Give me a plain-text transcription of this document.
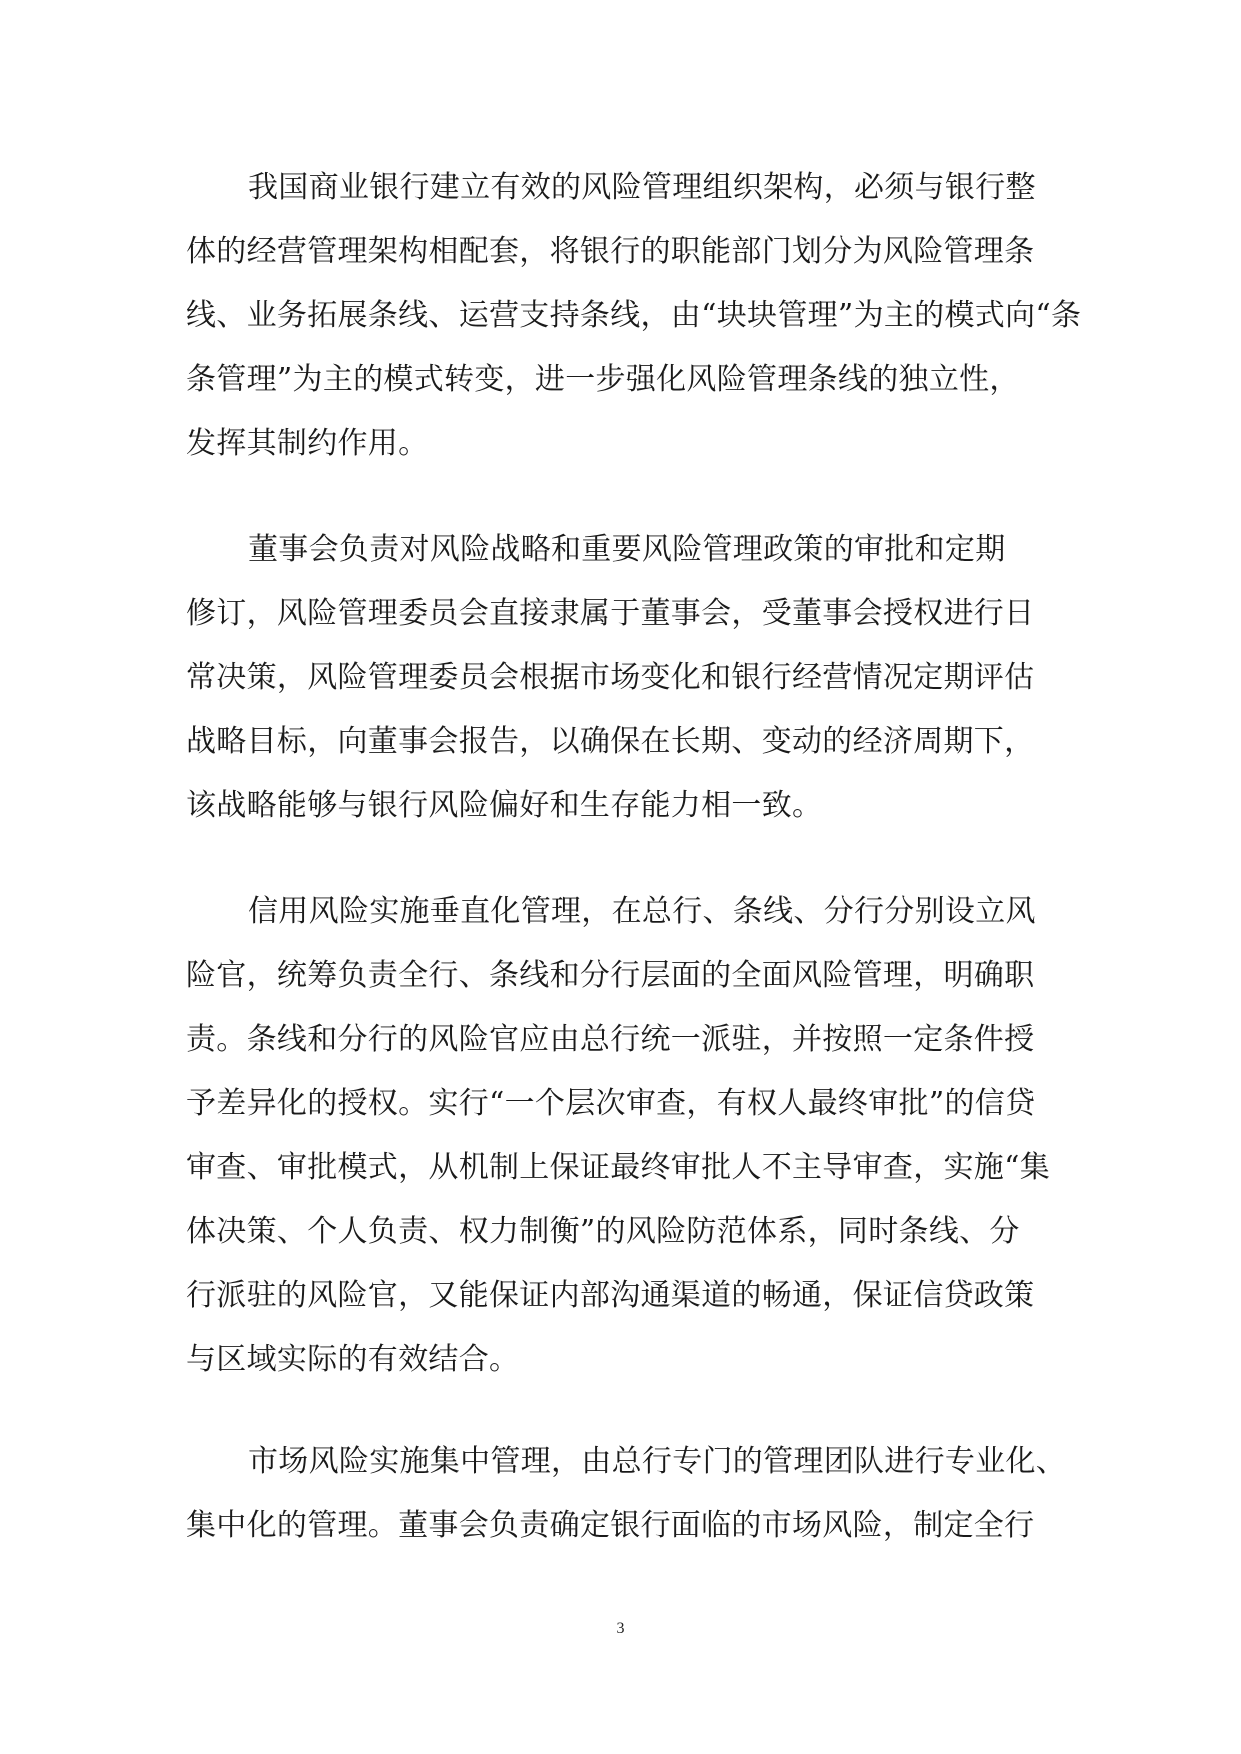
我国商业银行建立有效的风险管理组织架构，必须与银行整
体的经营管理架构相配套，将银行的职能部门划分为风险管理条
线、业务拓展条线、运营支持条线，由“块块管理”为主的模式向“条
条管理”为主的模式转变，进一步强化风险管理条线的独立性，
发挥其制约作用。
董事会负责对风险战略和重要风险管理政策的审批和定期
修订，风险管理委员会直接隶属于董事会，受董事会授权进行日
常决策，风险管理委员会根据市场变化和银行经营情况定期评估
战略目标，向董事会报告，以确保在长期、变动的经济周期下，
该战略能够与银行风险偏好和生存能力相一致。
信用风险实施垂直化管理，在总行、条线、分行分别设立风
险官，统筹负责全行、条线和分行层面的全面风险管理，明确职
责。条线和分行的风险官应由总行统一派驻，并按照一定条件授
予差异化的授权。实行“一个层次审查，有权人最终审批”的信贷
审查、审批模式，从机制上保证最终审批人不主导审查，实施“集
体决策、个人负责、权力制衡”的风险防范体系，同时条线、分
行派驻的风险官，又能保证内部沟通渠道的畅通，保证信贷政策
与区域实际的有效结合。
市场风险实施集中管理，由总行专门的管理团队进行专业化、
集中化的管理。董事会负责确定银行面临的市场风险，制定全行
3
